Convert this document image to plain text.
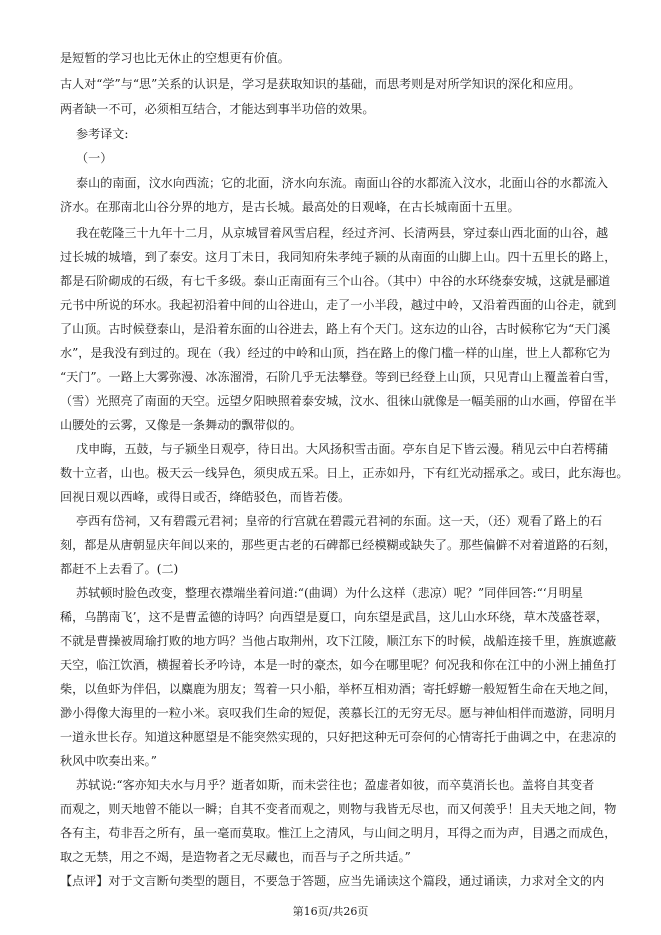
第16页/共26页
是短暂的学习也比无休止的空想更有价值。
古人对“学”与“思”关系的认识是，学习是获取知识的基础，而思考则是对所学知识的深化和应用。
两者缺一不可，必须相互结合，才能达到事半功倍的效果。
参考译文:
（一）
泰山的南面，汶水向西流；它的北面，济水向东流。南面山谷的水都流入汶水，北面山谷的水都流入
济水。在那南北山谷分界的地方，是古长城。最高处的日观峰，在古长城南面十五里。
我在乾隆三十九年十二月，从京城冒着风雪启程，经过齐河、长清两县，穿过泰山西北面的山谷，越
过长城的城墙，到了泰安。这月丁未日，我同知府朱孝纯子颍的从南面的山脚上山。四十五里长的路上，
都是石阶砌成的石级，有七千多级。泰山正南面有三个山谷。（其中）中谷的水环绕泰安城，这就是郦道
元书中所说的环水。我起初沿着中间的山谷进山，走了一小半段，越过中岭，又沿着西面的山谷走，就到
了山顶。古时候登泰山，是沿着东面的山谷进去，路上有个天门。这东边的山谷，古时候称它为“天门溪
水”，是我没有到过的。现在（我）经过的中岭和山顶，挡在路上的像门槛一样的山崖，世上人都称它为
“天门”。一路上大雾弥漫、冰冻溜滑，石阶几乎无法攀登。等到已经登上山顶，只见青山上覆盖着白雪，
（雪）光照亮了南面的天空。远望夕阳映照着泰安城，汶水、徂徕山就像是一幅美丽的山水画，停留在半
山腰处的云雾，又像是一条舞动的飘带似的。
戊申晦，五鼓，与子颍坐日观亭，待日出。大风扬积雪击面。亭东自足下皆云漫。稍见云中白若樗蒱
数十立者，山也。极天云一线异色，须臾成五采。日上，正赤如丹，下有红光动摇承之。或曰，此东海也。
回视日观以西峰，或得日或否，绛皓驳色，而皆若偻。
亭西有岱祠，又有碧霞元君祠；皇帝的行宫就在碧霞元君祠的东面。这一天，（还）观看了路上的石
刻，都是从唐朝显庆年间以来的，那些更古老的石碑都已经模糊或缺失了。那些偏僻不对着道路的石刻，
都赶不上去看了。(二)
苏轼顿时脸色改变，整理衣襟端坐着问道:“(曲调）为什么这样（悲凉）呢？”同伴回答:“‘月明星
稀，乌鹊南飞’，这不是曹孟德的诗吗？向西望是夏口，向东望是武昌，这儿山水环绕，草木茂盛苍翠，
不就是曹操被周瑜打败的地方吗？当他占取荆州，攻下江陵，顺江东下的时候，战船连接千里，旌旗遮蔽
天空，临江饮酒，横握着长矛吟诗，本是一时的豪杰，如今在哪里呢？何况我和你在江中的小洲上捕鱼打
柴，以鱼虾为伴侣，以麋鹿为朋友；驾着一只小船，举杯互相劝酒；寄托蜉蝣一般短暂生命在天地之间，
渺小得像大海里的一粒小米。哀叹我们生命的短促，羡慕长江的无穷无尽。愿与神仙相伴而遨游，同明月
一道永世长存。知道这种愿望是不能突然实现的，只好把这种无可奈何的心情寄托于曲调之中，在悲凉的
秋风中吹奏出来。”
苏轼说:“客亦知夫水与月乎？逝者如斯，而未尝往也；盈虚者如彼，而卒莫消长也。盖将自其变者
而观之，则天地曾不能以一瞬；自其不变者而观之，则物与我皆无尽也，而又何羡乎！且夫天地之间，物
各有主，苟非吾之所有，虽一毫而莫取。惟江上之清风，与山间之明月，耳得之而为声，目遇之而成色，
取之无禁，用之不竭，是造物者之无尽藏也，而吾与子之所共适。”
【点评】对于文言断句类型的题目，不要急于答题，应当先诵读这个篇段，通过诵读，力求对全文的内
